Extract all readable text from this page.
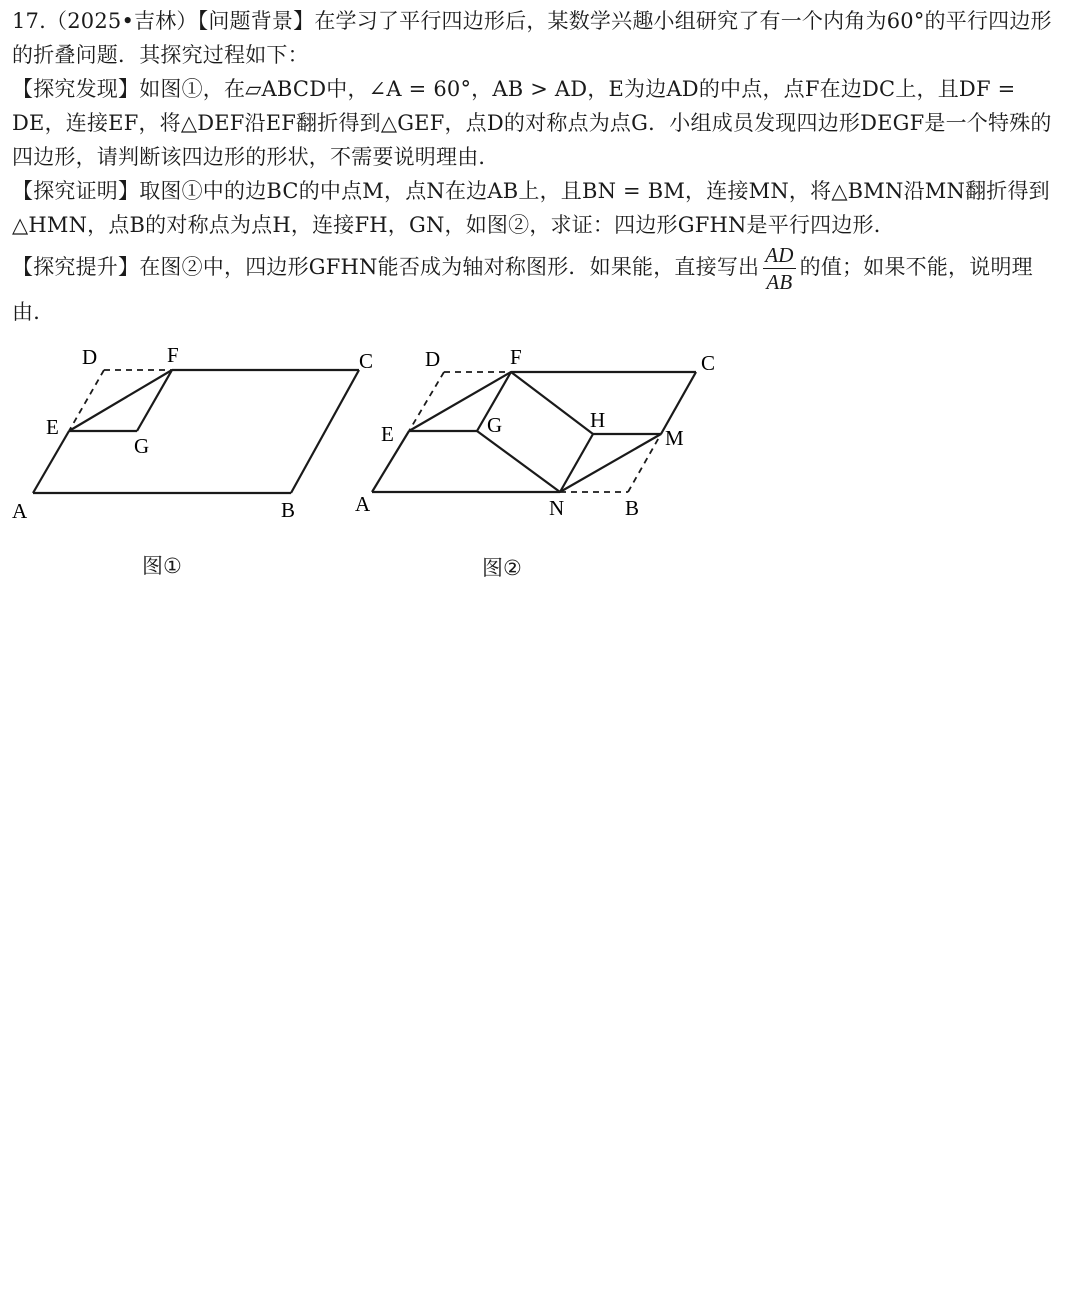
17.（2025•吉林）【问题背景】在学习了平行四边形后，某数学兴趣小组研究了有一个内角为60°的平行四边形的折叠问题．其探究过程如下：

【探究发现】如图①，在▱ABCD中，∠A = 60°，AB > AD，E为边AD的中点，点F在边DC上，且DF = DE，连接EF，将△DEF沿EF翻折得到△GEF，点D的对称点为点G．小组成员发现四边形DEGF是一个特殊的四边形，请判断该四边形的形状，不需要说明理由．

【探究证明】取图①中的边BC的中点M，点N在边AB上，且BN = BM，连接MN，将△BMN沿MN翻折得到△HMN，点B的对称点为点H，连接FH，GN，如图②，求证：四边形GFHN是平行四边形．

【探究提升】在图②中，四边形GFHN能否成为轴对称图形．如果能，直接写出 $\frac{AD}{AB}$ 的值；如果不能，说明理由．

D	F	C
E
G
A	B
D	F	C
E	G	H
M
A	N	B
图①	图②
